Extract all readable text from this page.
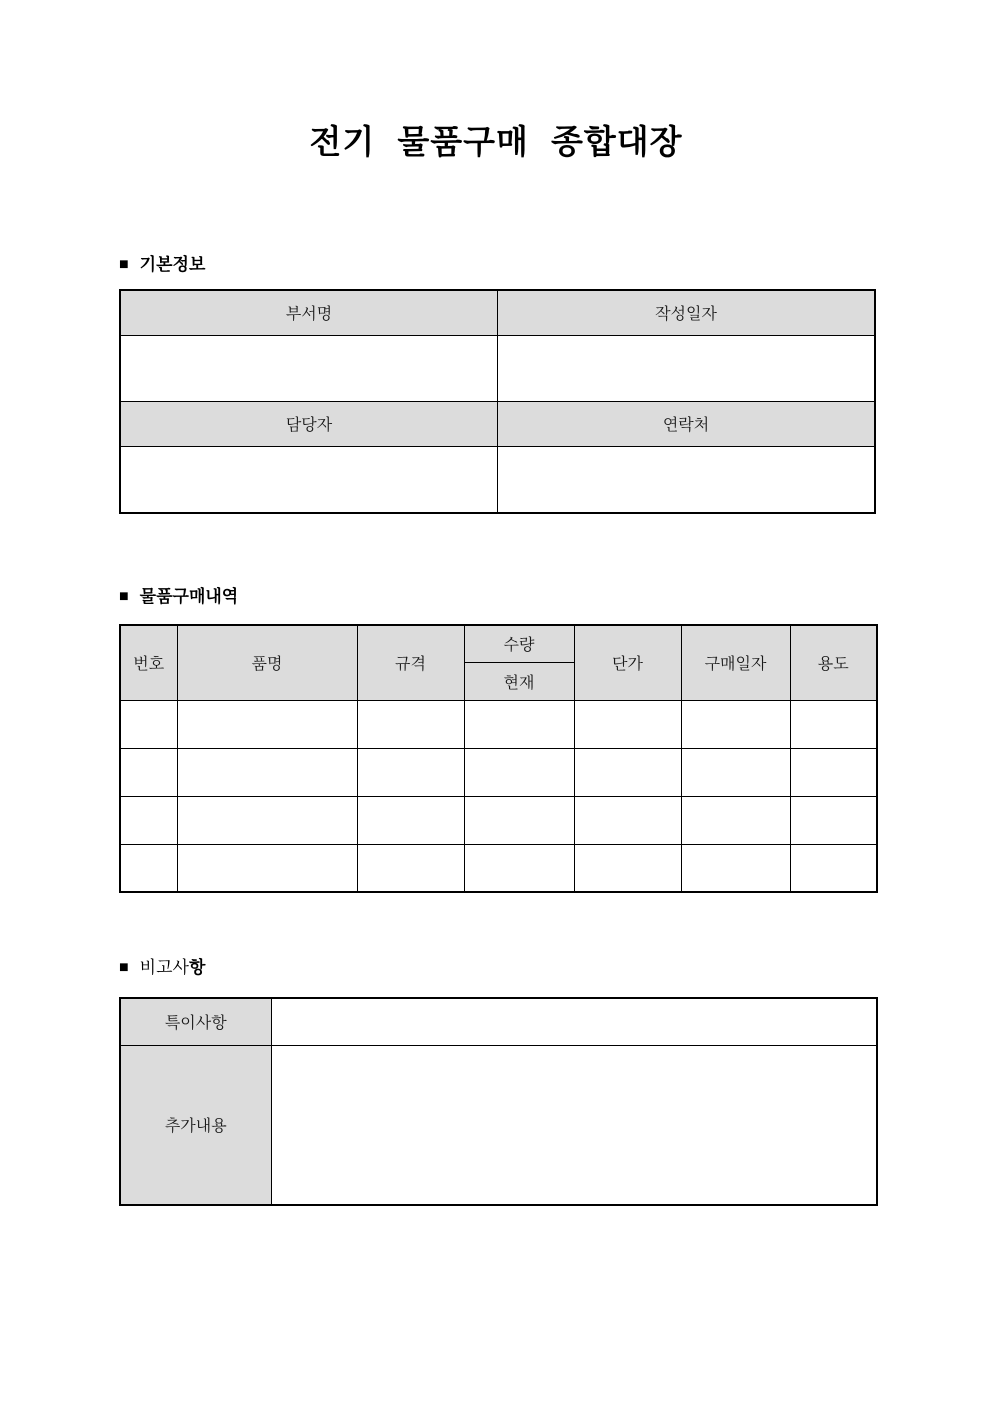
전기 물품구매 종합대장
■ 기본정보
부서명	작성일자

담당자	연락처

■ 물품구매내역
번호	품명	규격	수량	단가	구매일자	용도
			현재			

■ 비고사항
특이사항	
추가내용	
